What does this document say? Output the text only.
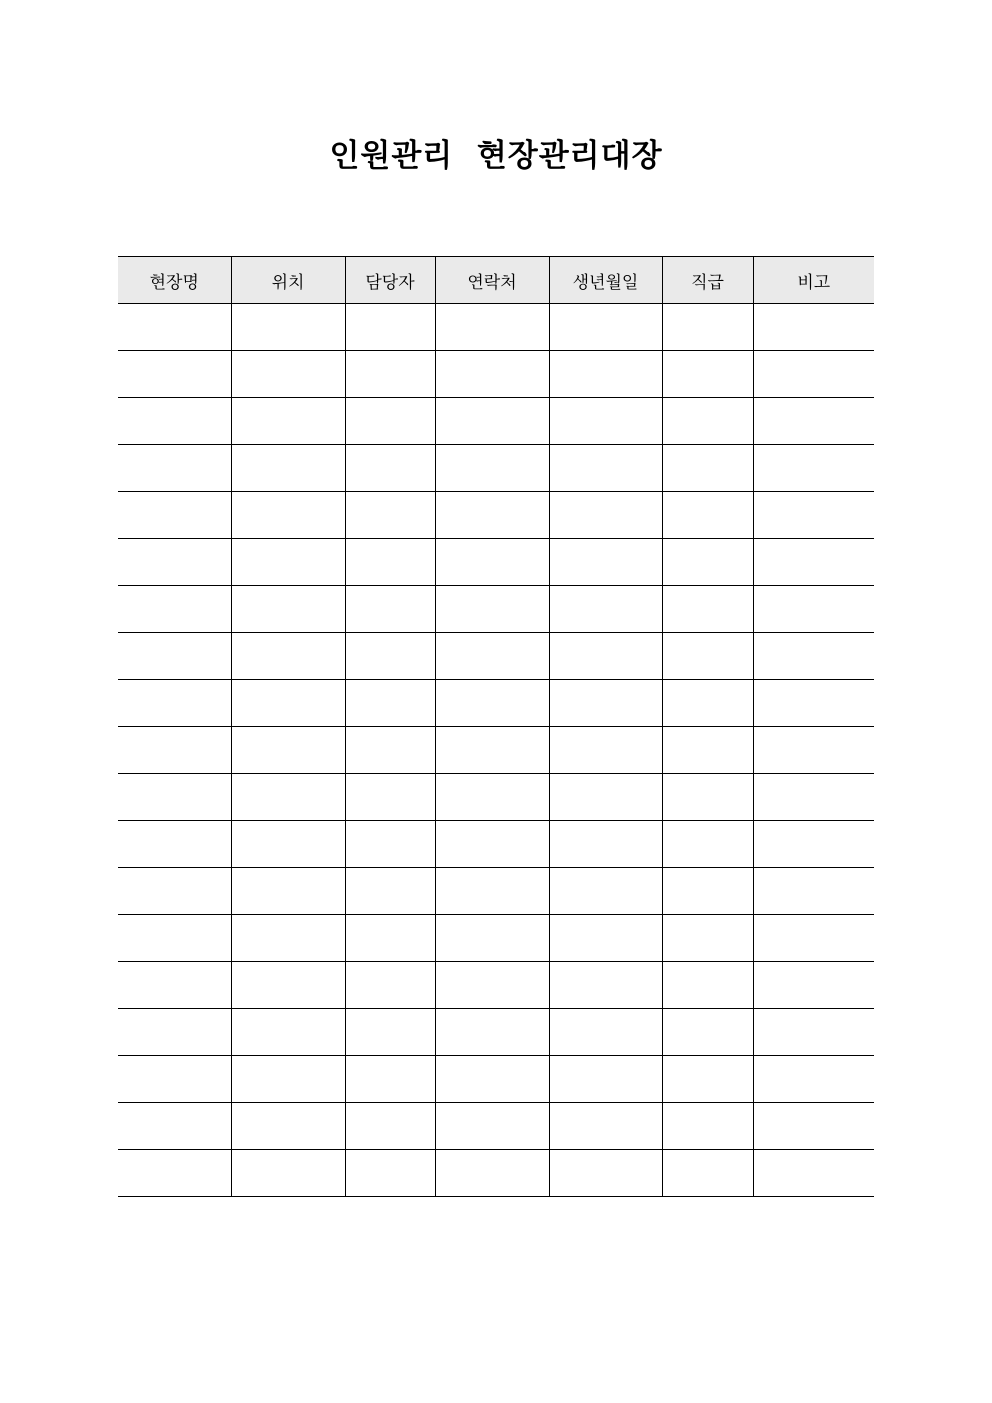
인원관리  현장관리대장
현장명	위치	담당자	연락처	생년월일	직급	비고
